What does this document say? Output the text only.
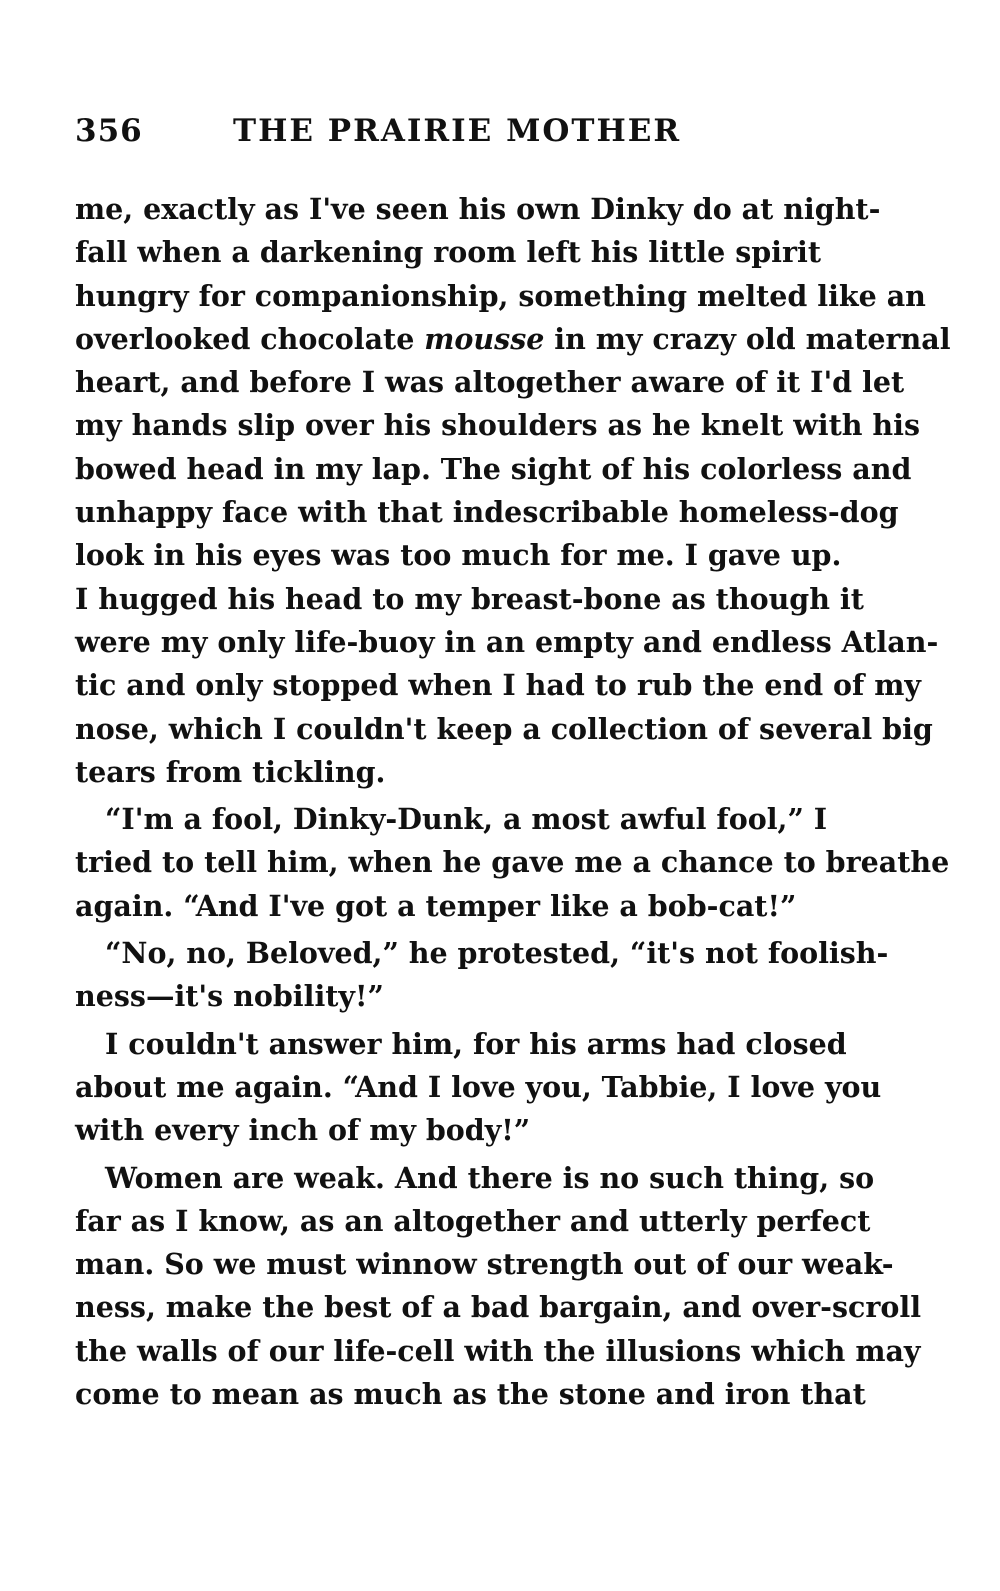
356	THE PRAIRIE MOTHER
me, exactly as I've seen his own Dinky do at night-
fall when a darkening room left his little spirit
hungry for companionship, something melted like an
overlooked chocolate mousse in my crazy old maternal
heart, and before I was altogether aware of it I'd let
my hands slip over his shoulders as he knelt with his
bowed head in my lap. The sight of his colorless and
unhappy face with that indescribable homeless-dog
look in his eyes was too much for me. I gave up.
I hugged his head to my breast-bone as though it
were my only life-buoy in an empty and endless Atlan-
tic and only stopped when I had to rub the end of my
nose, which I couldn't keep a collection of several big
tears from tickling.
“I'm a fool, Dinky-Dunk, a most awful fool,” I
tried to tell him, when he gave me a chance to breathe
again. “And I've got a temper like a bob-cat!”
“No, no, Beloved,” he protested, “it's not foolish-
ness—it's nobility!”
I couldn't answer him, for his arms had closed
about me again. “And I love you, Tabbie, I love you
with every inch of my body!”
Women are weak. And there is no such thing, so
far as I know, as an altogether and utterly perfect
man. So we must winnow strength out of our weak-
ness, make the best of a bad bargain, and over-scroll
the walls of our life-cell with the illusions which may
come to mean as much as the stone and iron that
